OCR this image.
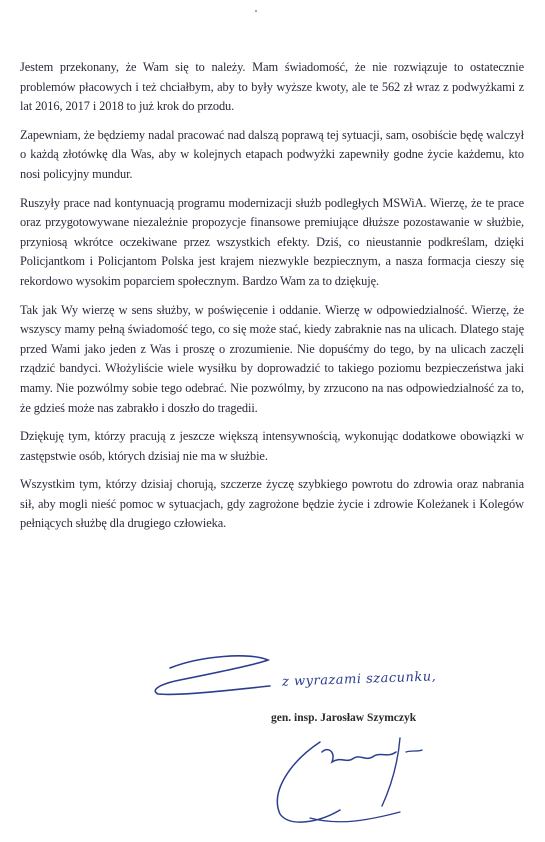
Jestem przekonany, że Wam się to należy. Mam świadomość, że nie rozwiązuje to ostatecznie problemów płacowych i też chciałbym, aby to były wyższe kwoty, ale te 562 zł wraz z podwyżkami z lat 2016, 2017 i 2018 to już krok do przodu.

Zapewniam, że będziemy nadal pracować nad dalszą poprawą tej sytuacji, sam, osobiście będę walczył o każdą złotówkę dla Was, aby w kolejnych etapach podwyżki zapewniły godne życie każdemu, kto nosi policyjny mundur.

Ruszyły prace nad kontynuacją programu modernizacji służb podległych MSWiA. Wierzę, że te prace oraz przygotowywane niezależnie propozycje finansowe premiujące dłuższe pozostawanie w służbie, przyniosą wkrótce oczekiwane przez wszystkich efekty. Dziś, co nieustannie podkreślam, dzięki Policjantkom i Policjantom Polska jest krajem niezwykle bezpiecznym, a nasza formacja cieszy się rekordowo wysokim poparciem społecznym. Bardzo Wam za to dziękuję.

Tak jak Wy wierzę w sens służby, w poświęcenie i oddanie. Wierzę w odpowiedzialność. Wierzę, że wszyscy mamy pełną świadomość tego, co się może stać, kiedy zabraknie nas na ulicach. Dlatego staję przed Wami jako jeden z Was i proszę o zrozumienie. Nie dopuśćmy do tego, by na ulicach zaczęli rządzić bandyci. Włożyliście wiele wysiłku by doprowadzić to takiego poziomu bezpieczeństwa jaki mamy. Nie pozwólmy sobie tego odebrać. Nie pozwólmy, by zrzucono na nas odpowiedzialność za to, że gdzieś może nas zabrakło i doszło do tragedii.

Dziękuję tym, którzy pracują z jeszcze większą intensywnością, wykonując dodatkowe obowiązki w zastępstwie osób, których dzisiaj nie ma w służbie.

Wszystkim tym, którzy dzisiaj chorują, szczerze życzę szybkiego powrotu do zdrowia oraz nabrania sił, aby mogli nieść pomoc w sytuacjach, gdy zagrożone będzie życie i zdrowie Koleżanek i Kolegów pełniących służbę dla drugiego człowieka.

z wyrazami szacunku,
gen. insp. Jarosław Szymczyk
